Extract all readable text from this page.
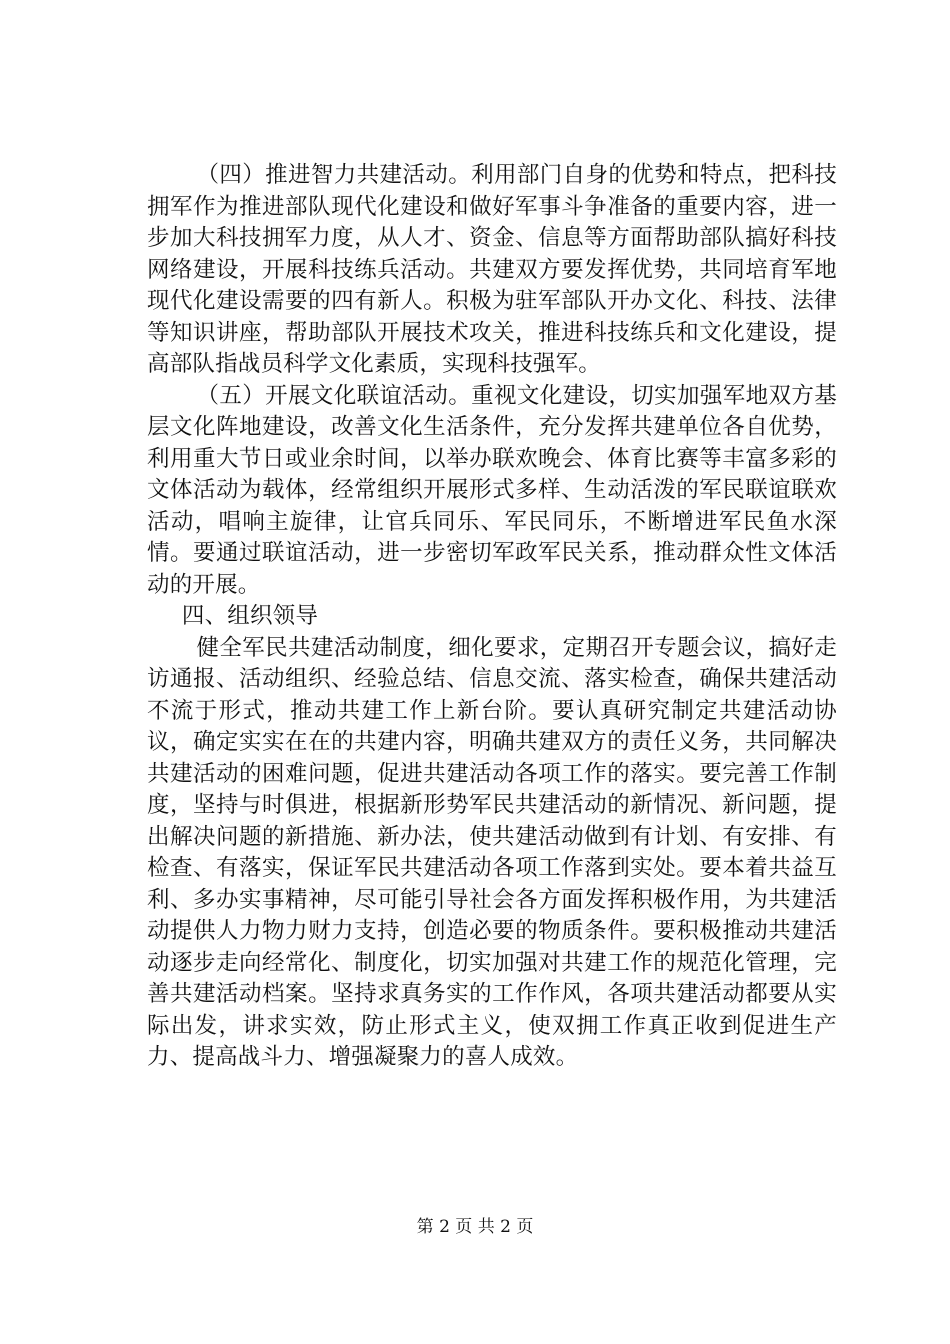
（四）推进智力共建活动。利用部门自身的优势和特点，把科技拥军作为推进部队现代化建设和做好军事斗争准备的重要内容，进一步加大科技拥军力度，从人才、资金、信息等方面帮助部队搞好科技网络建设，开展科技练兵活动。共建双方要发挥优势，共同培育军地现代化建设需要的四有新人。积极为驻军部队开办文化、科技、法律等知识讲座，帮助部队开展技术攻关，推进科技练兵和文化建设，提高部队指战员科学文化素质，实现科技强军。

（五）开展文化联谊活动。重视文化建设，切实加强军地双方基层文化阵地建设，改善文化生活条件，充分发挥共建单位各自优势，利用重大节日或业余时间，以举办联欢晚会、体育比赛等丰富多彩的文体活动为载体，经常组织开展形式多样、生动活泼的军民联谊联欢活动，唱响主旋律，让官兵同乐、军民同乐，不断增进军民鱼水深情。要通过联谊活动，进一步密切军政军民关系，推动群众性文体活动的开展。

四、组织领导

健全军民共建活动制度，细化要求，定期召开专题会议，搞好走访通报、活动组织、经验总结、信息交流、落实检查，确保共建活动不流于形式，推动共建工作上新台阶。要认真研究制定共建活动协议，确定实实在在的共建内容，明确共建双方的责任义务，共同解决共建活动的困难问题，促进共建活动各项工作的落实。要完善工作制度，坚持与时俱进，根据新形势军民共建活动的新情况、新问题，提出解决问题的新措施、新办法，使共建活动做到有计划、有安排、有检查、有落实，保证军民共建活动各项工作落到实处。要本着共益互利、多办实事精神，尽可能引导社会各方面发挥积极作用，为共建活动提供人力物力财力支持，创造必要的物质条件。要积极推动共建活动逐步走向经常化、制度化，切实加强对共建工作的规范化管理，完善共建活动档案。坚持求真务实的工作作风，各项共建活动都要从实际出发，讲求实效，防止形式主义，使双拥工作真正收到促进生产力、提高战斗力、增强凝聚力的喜人成效。

第 2 页 共 2 页
